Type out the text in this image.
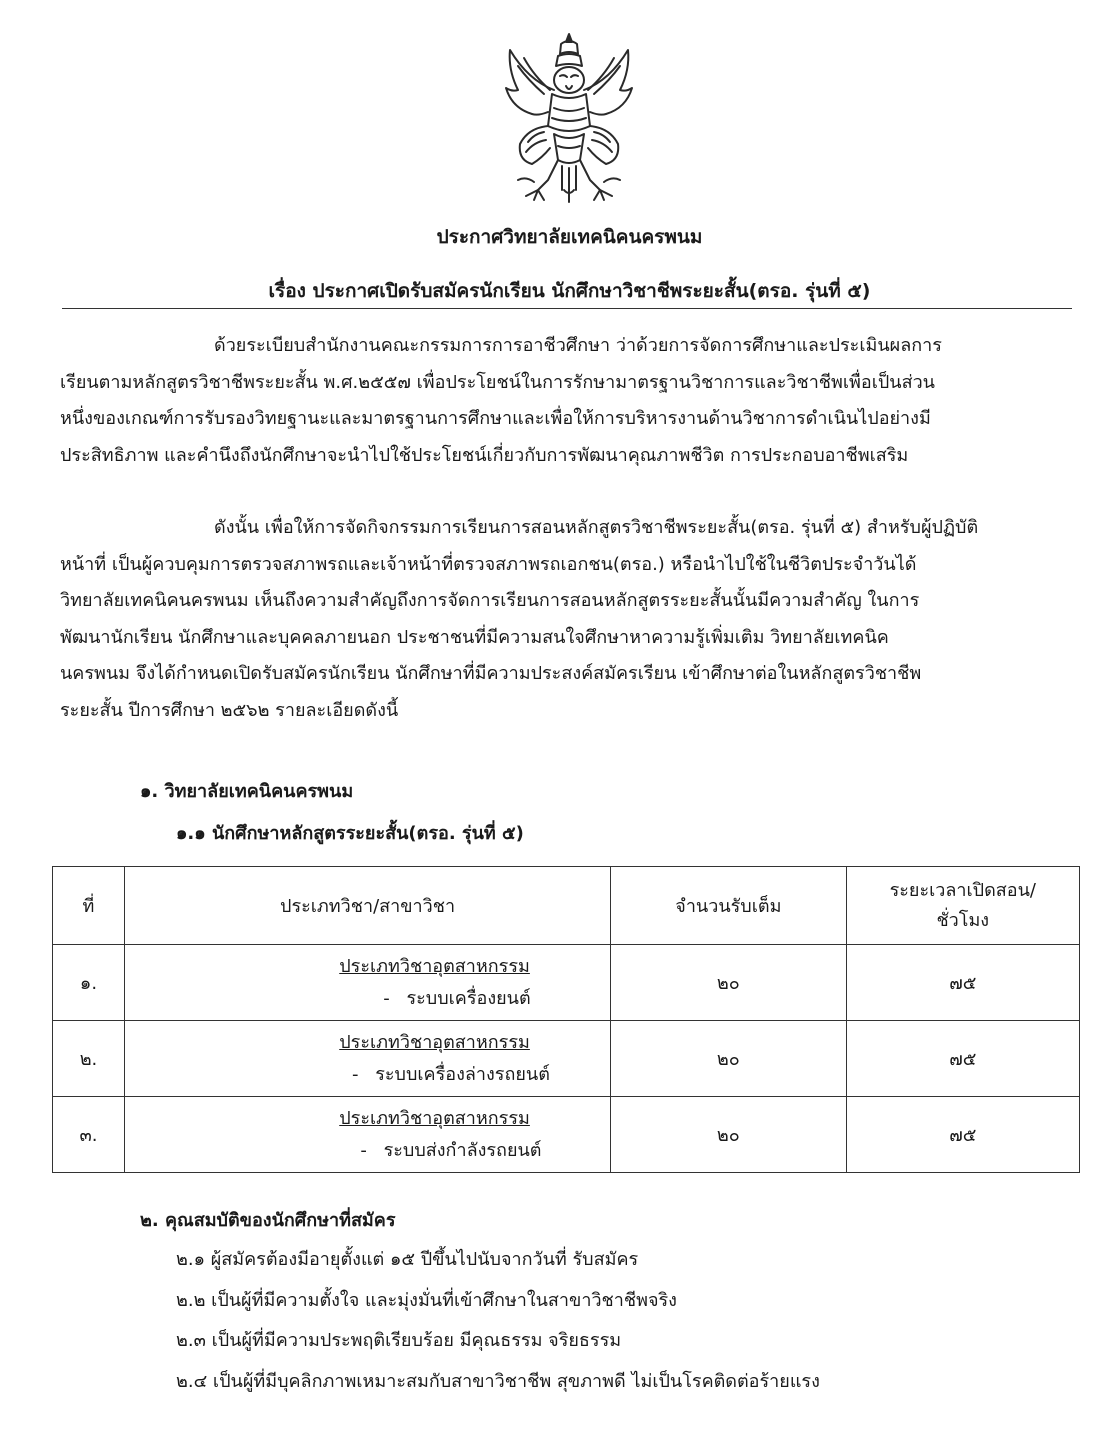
ประกาศวิทยาลัยเทคนิคนครพนม
เรื่อง ประกาศเปิดรับสมัครนักเรียน นักศึกษาวิชาชีพระยะสั้น(ตรอ. รุ่นที่ ๕)

ด้วยระเบียบสำนักงานคณะกรรมการการอาชีวศึกษา ว่าด้วยการจัดการศึกษาและประเมินผลการ
เรียนตามหลักสูตรวิชาชีพระยะสั้น พ.ศ.๒๕๕๗ เพื่อประโยชน์ในการรักษามาตรฐานวิชาการและวิชาชีพเพื่อเป็นส่วน
หนึ่งของเกณฑ์การรับรองวิทยฐานะและมาตรฐานการศึกษาและเพื่อให้การบริหารงานด้านวิชาการดำเนินไปอย่างมี
ประสิทธิภาพ และคำนึงถึงนักศึกษาจะนำไปใช้ประโยชน์เกี่ยวกับการพัฒนาคุณภาพชีวิต การประกอบอาชีพเสริม

ดังนั้น เพื่อให้การจัดกิจกรรมการเรียนการสอนหลักสูตรวิชาชีพระยะสั้น(ตรอ. รุ่นที่ ๕) สำหรับผู้ปฏิบัติ
หน้าที่ เป็นผู้ควบคุมการตรวจสภาพรถและเจ้าหน้าที่ตรวจสภาพรถเอกชน(ตรอ.) หรือนำไปใช้ในชีวิตประจำวันได้
วิทยาลัยเทคนิคนครพนม เห็นถึงความสำคัญถึงการจัดการเรียนการสอนหลักสูตรระยะสั้นนั้นมีความสำคัญ ในการ
พัฒนานักเรียน นักศึกษาและบุคคลภายนอก ประชาชนที่มีความสนใจศึกษาหาความรู้เพิ่มเติม วิทยาลัยเทคนิค
นครพนม จึงได้กำหนดเปิดรับสมัครนักเรียน นักศึกษาที่มีความประสงค์สมัครเรียน เข้าศึกษาต่อในหลักสูตรวิชาชีพ
ระยะสั้น ปีการศึกษา ๒๕๖๒ รายละเอียดดังนี้

๑. วิทยาลัยเทคนิคนครพนม
๑.๑ นักศึกษาหลักสูตรระยะสั้น(ตรอ. รุ่นที่ ๕)
ที่	ประเภทวิชา/สาขาวิชา	จำนวนรับเต็ม	ระยะเวลาเปิดสอน/
ชั่วโมง

๑.	ประเภทวิชาอุตสาหกรรม
- ระบบเครื่องยนต์	๒๐	๗๕
๒.	ประเภทวิชาอุตสาหกรรม
- ระบบเครื่องล่างรถยนต์	๒๐	๗๕
๓.	ประเภทวิชาอุตสาหกรรม
- ระบบส่งกำลังรถยนต์	๒๐	๗๕
๒. คุณสมบัติของนักศึกษาที่สมัคร
๒.๑ ผู้สมัครต้องมีอายุตั้งแต่ ๑๕ ปีขึ้นไปนับจากวันที่ รับสมัคร
๒.๒ เป็นผู้ที่มีความตั้งใจ และมุ่งมั่นที่เข้าศึกษาในสาขาวิชาชีพจริง
๒.๓ เป็นผู้ที่มีความประพฤติเรียบร้อย มีคุณธรรม จริยธรรม
๒.๔ เป็นผู้ที่มีบุคลิกภาพเหมาะสมกับสาขาวิชาชีพ สุขภาพดี ไม่เป็นโรคติดต่อร้ายแรง
